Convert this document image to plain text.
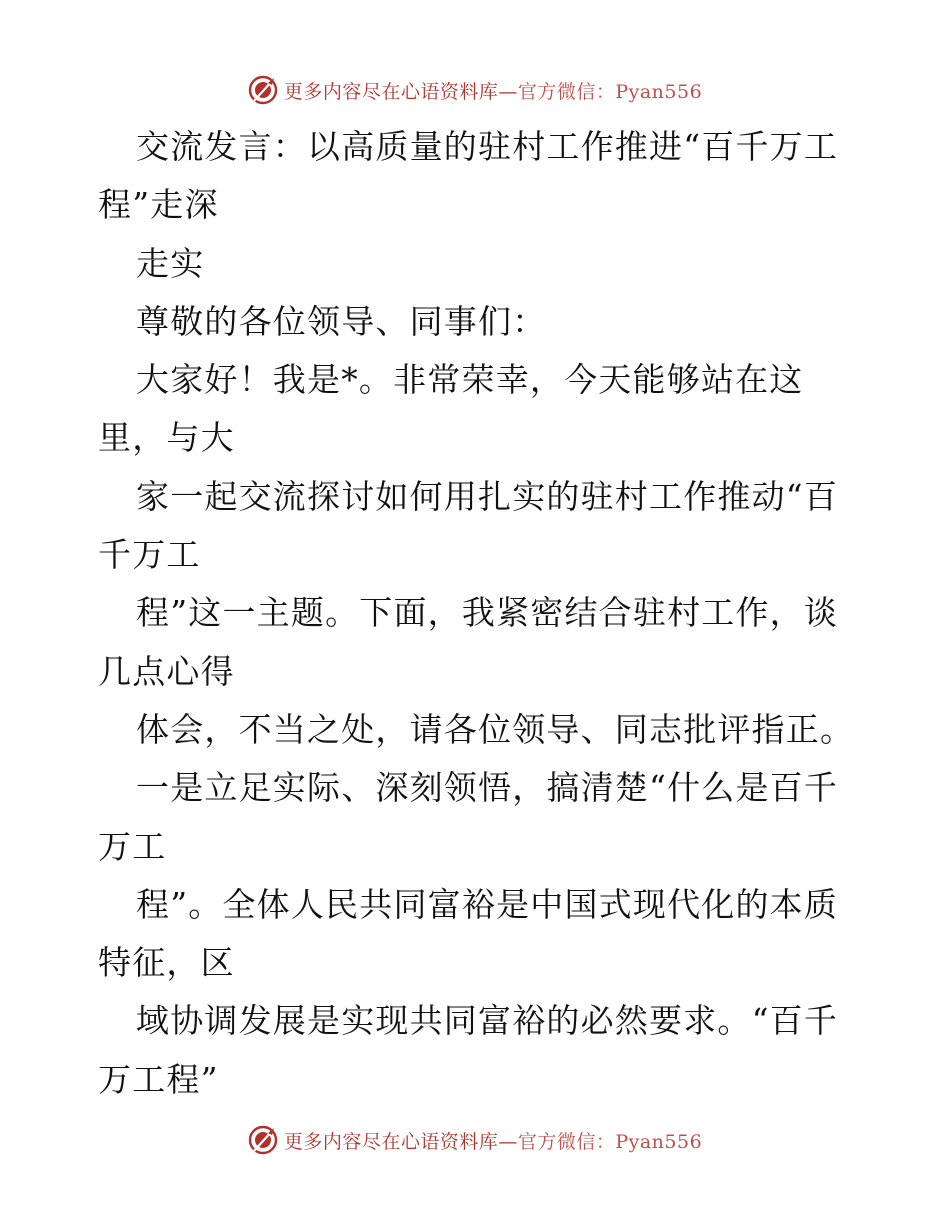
更多内容尽在心语资料库—官方微信：Pyan556
交流发言：以高质量的驻村工作推进“百千万工
程”走深
走实
尊敬的各位领导、同事们：
大家好！我是*。非常荣幸，今天能够站在这
里，与大
家一起交流探讨如何用扎实的驻村工作推动“百
千万工
程”这一主题。下面，我紧密结合驻村工作，谈
几点心得
体会，不当之处，请各位领导、同志批评指正。
一是立足实际、深刻领悟，搞清楚“什么是百千
万工
程”。全体人民共同富裕是中国式现代化的本质
特征，区
域协调发展是实现共同富裕的必然要求。“百千
万工程”
更多内容尽在心语资料库—官方微信：Pyan556
